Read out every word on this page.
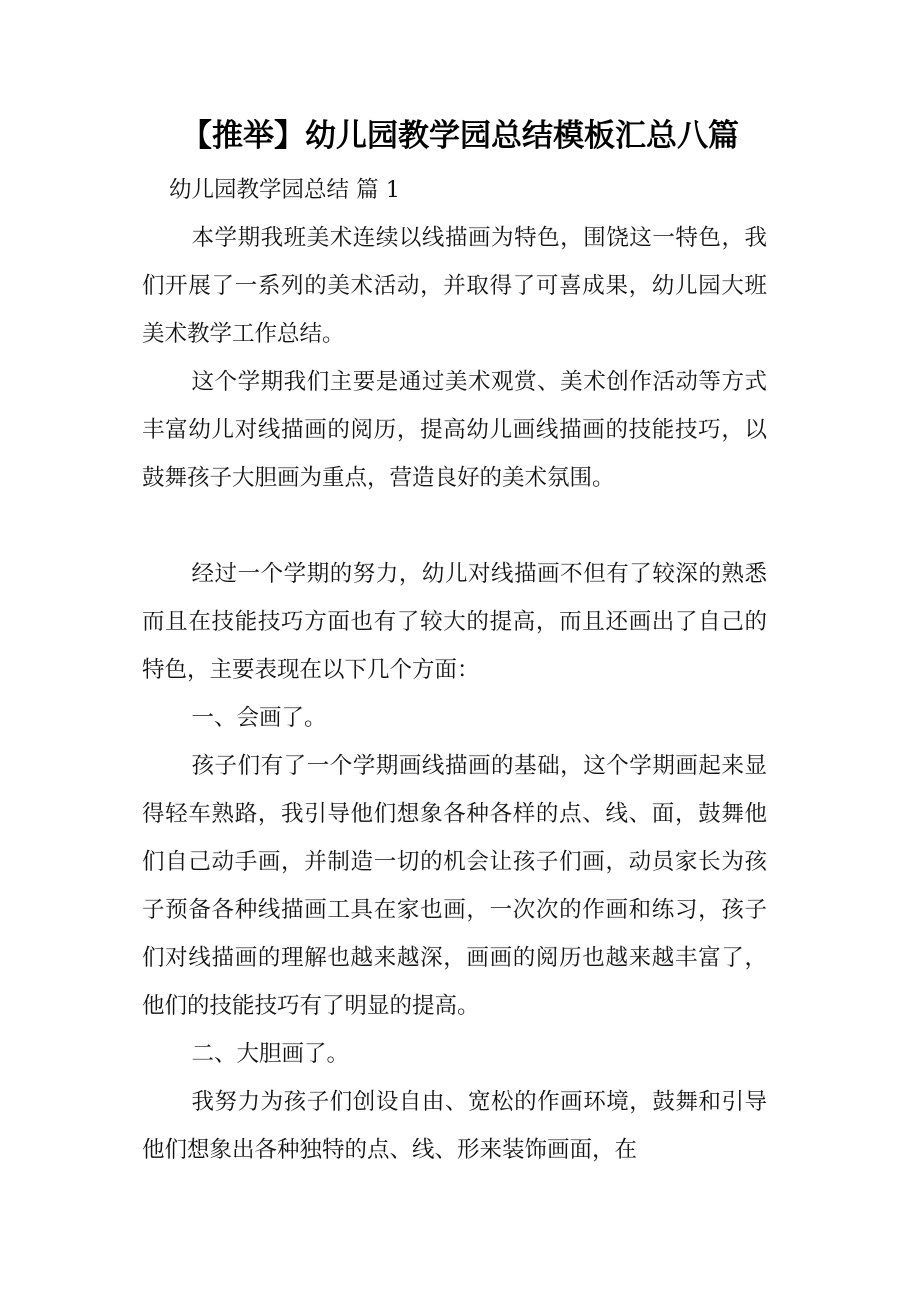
【推举】幼儿园教学园总结模板汇总八篇

幼儿园教学园总结 篇 1

本学期我班美术连续以线描画为特色，围饶这一特色，我们开展了一系列的美术活动，并取得了可喜成果，幼儿园大班美术教学工作总结。

这个学期我们主要是通过美术观赏、美术创作活动等方式丰富幼儿对线描画的阅历，提高幼儿画线描画的技能技巧，以鼓舞孩子大胆画为重点，营造良好的美术氛围。

经过一个学期的努力，幼儿对线描画不但有了较深的熟悉而且在技能技巧方面也有了较大的提高，而且还画出了自己的特色，主要表现在以下几个方面：

一、会画了。

孩子们有了一个学期画线描画的基础，这个学期画起来显得轻车熟路，我引导他们想象各种各样的点、线、面，鼓舞他们自己动手画，并制造一切的机会让孩子们画，动员家长为孩子预备各种线描画工具在家也画，一次次的作画和练习，孩子们对线描画的理解也越来越深，画画的阅历也越来越丰富了，他们的技能技巧有了明显的提高。

二、大胆画了。

我努力为孩子们创设自由、宽松的作画环境，鼓舞和引导他们想象出各种独特的点、线、形来装饰画面，在
